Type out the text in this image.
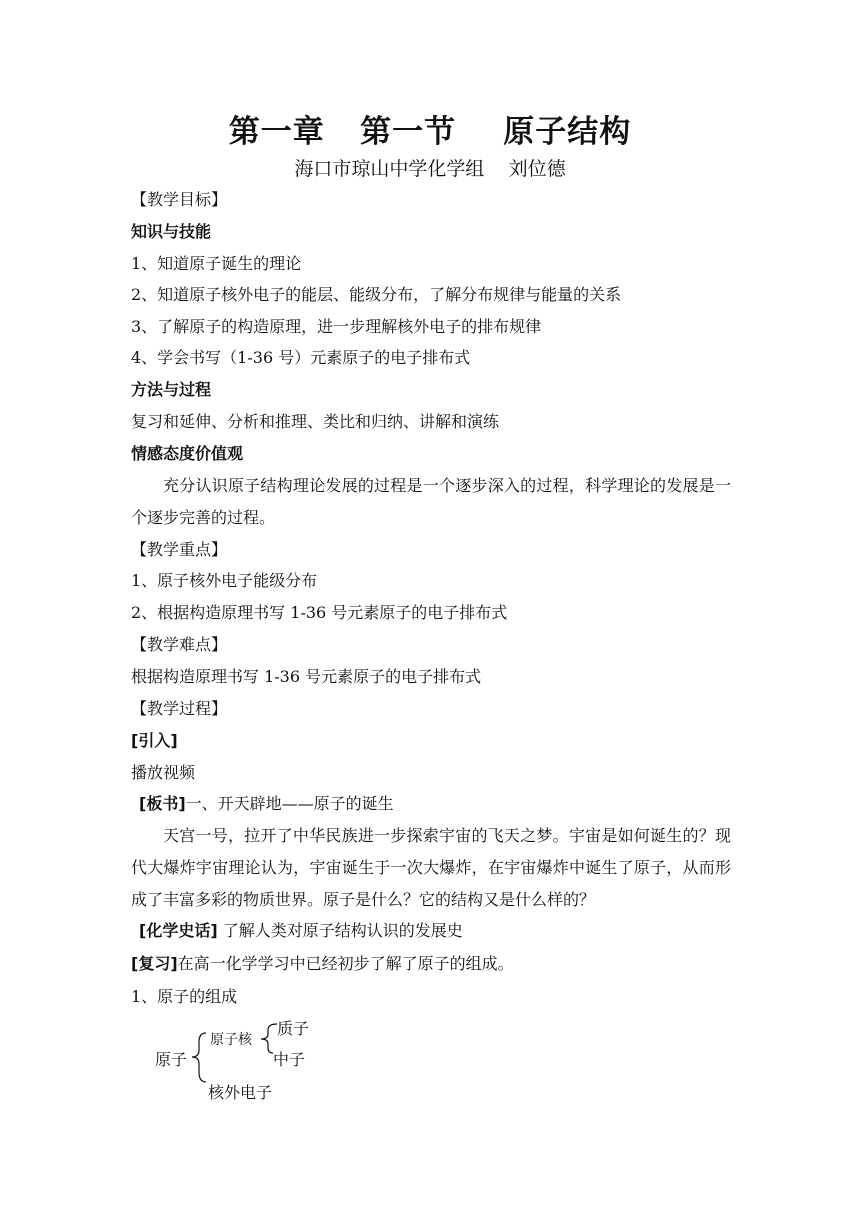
第一章   第一节    原子结构
海口市琼山中学化学组    刘位德
【教学目标】
知识与技能
1、知道原子诞生的理论
2、知道原子核外电子的能层、能级分布，了解分布规律与能量的关系
3、了解原子的构造原理，进一步理解核外电子的排布规律
4、学会书写（1-36 号）元素原子的电子排布式
方法与过程
复习和延伸、分析和推理、类比和归纳、讲解和演练
情感态度价值观
充分认识原子结构理论发展的过程是一个逐步深入的过程，科学理论的发展是一个逐步完善的过程。
【教学重点】
1、原子核外电子能级分布
2、根据构造原理书写 1-36 号元素原子的电子排布式
【教学难点】
根据构造原理书写 1-36 号元素原子的电子排布式
【教学过程】
[引入]
播放视频
[板书]一、开天辟地——原子的诞生
天宫一号，拉开了中华民族进一步探索宇宙的飞天之梦。宇宙是如何诞生的？现代大爆炸宇宙理论认为，宇宙诞生于一次大爆炸，在宇宙爆炸中诞生了原子，从而形成了丰富多彩的物质世界。原子是什么？它的结构又是什么样的？
[化学史话] 了解人类对原子结构认识的发展史
[复习]在高一化学学习中已经初步了解了原子的组成。
1、原子的组成
原子
原子核
质子
中子
核外电子
